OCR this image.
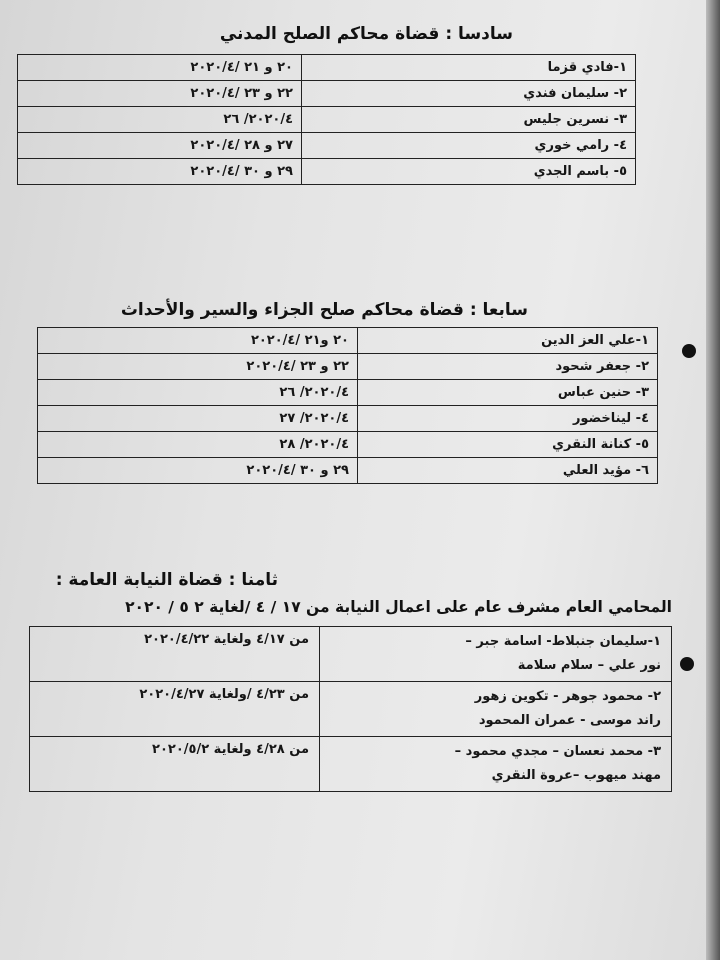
سادسا : قضاة محاكم الصلح المدني
١-فادي قزما	٢٠ و ٢١ /٢٠٢٠/٤
٢- سليمان فندي	٢٢ و ٢٣ /٢٠٢٠/٤
٣- نسرين جليس	٢٠٢٠/٤/ ٢٦
٤- رامي خوري	٢٧ و ٢٨ /٢٠٢٠/٤
٥- باسم الجدي	٢٩ و ٣٠ /٢٠٢٠/٤
سابعا : قضاة محاكم صلح الجزاء والسير والأحداث
١-علي العز الدين	٢٠ و٢١ /٢٠٢٠/٤
٢- جعفر شحود	٢٢ و ٢٣ /٢٠٢٠/٤
٣- حنين عباس	٢٠٢٠/٤/ ٢٦
٤- ليناخضور	٢٠٢٠/٤/ ٢٧
٥- كنانة النقري	٢٠٢٠/٤/ ٢٨
٦- مؤيد العلي	٢٩ و ٣٠ /٢٠٢٠/٤
ثامنا : قضاة النيابة العامة :
المحامي العام مشرف عام على اعمال النيابة من ١٧ / ٤ /لغاية ٢ ٥ / ٢٠٢٠
١-سليمان جنبلاط- اسامة جبر –
نور علي – سلام سلامة	من ٤/١٧ ولغاية ٢٠٢٠/٤/٢٢

٢- محمود جوهر - تكوين زهور
راند موسى - عمران المحمود	من ٤/٢٣ /ولغاية ٢٠٢٠/٤/٢٧

٣- محمد نعسان – مجدي محمود –
مهند ميهوب –عروة النقري	من ٤/٢٨ ولغاية ٢٠٢٠/٥/٢
